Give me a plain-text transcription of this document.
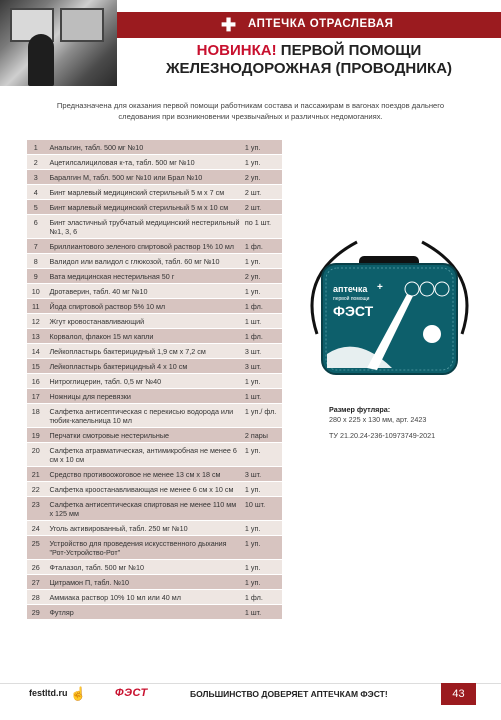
✚ АПТЕЧКА ОТРАСЛЕВАЯ
НОВИНКА! ПЕРВОЙ ПОМОЩИ
ЖЕЛЕЗНОДОРОЖНАЯ (ПРОВОДНИКА)
Предназначена для оказания первой помощи работникам состава и пассажирам в вагонах поездов дальнего следования при возникновении чрезвычайных и различных недомоганиях.
1	Анальгин, табл. 500 мг №10	1 уп.
2	Ацетилсалициловая к-та, табл. 500 мг №10	1 уп.
3	Баралгин М, табл. 500 мг №10 или Брал №10	2 уп.
4	Бинт марлевый медицинский стерильный 5 м х 7 см	2 шт.
5	Бинт марлевый медицинский стерильный 5 м х 10 см	2 шт.
6	Бинт эластичный трубчатый медицинский нестерильный №1, 3, 6	по 1 шт.
7	Бриллиантового зеленого спиртовой раствор 1% 10 мл	1 фл.
8	Валидол или валидол с глюкозой, табл. 60 мг №10	1 уп.
9	Вата медицинская нестерильная 50 г	2 уп.
10	Дротаверин, табл. 40 мг №10	1 уп.
11	Йода спиртовой раствор 5% 10 мл	1 фл.
12	Жгут кровостанавливающий	1 шт.
13	Корвалол, флакон 15 мл капли	1 фл.
14	Лейкопластырь бактерицидный 1,9 см х 7,2 см	3 шт.
15	Лейкопластырь бактерицидный 4 х 10 см	3 шт.
16	Нитроглицерин, табл. 0,5 мг №40	1 уп.
17	Ножницы для перевязки	1 шт.
18	Салфетка антисептическая с перекисью водорода или тюбик-капельница 10 мл	1 уп./ фл.
19	Перчатки смотровые нестерильные	2 пары
20	Салфетка атравматическая, антимикробная не менее 6 см х 10 см	1 уп.
21	Средство противоожоговое не менее 13 см х 18 см	3 шт.
22	Салфетка кроостанавливающая не менее 6 см х 10 см	1 уп.
23	Салфетка антисептическая спиртовая не менее 110 мм х 125 мм	10 шт.
24	Уголь активированный, табл. 250 мг №10	1 уп.
25	Устройство для проведения искусственного дыхания "Рот-Устройство-Рот"	1 уп.
26	Фталазол, табл. 500 мг №10	1 уп.
27	Цитрамон П, табл. №10	1 уп.
28	Аммиака раствор 10% 10 мл или 40 мл	1 фл.
29	Футляр	1 шт.
аптечка
первой помощи
ФЭСТ
+
Размер футляра:
280 х 225 х 130 мм, арт. 2423
ТУ 21.20.24-236-10973749-2021
festltd.ru ☝	ФЭСТ	БОЛЬШИНСТВО ДОВЕРЯЕТ АПТЕЧКАМ ФЭСТ!	43
